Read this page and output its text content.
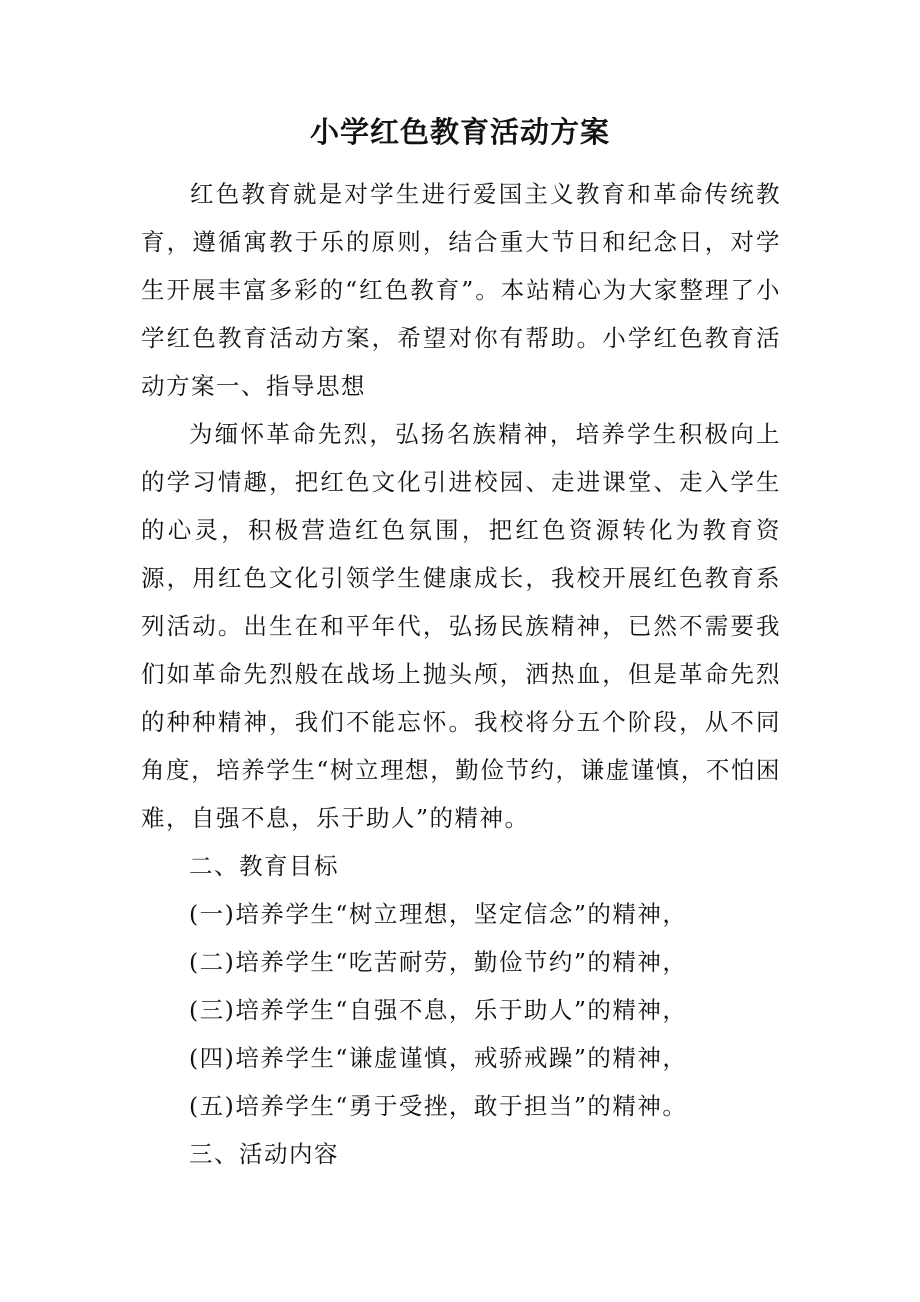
小学红色教育活动方案

红色教育就是对学生进行爱国主义教育和革命传统教育，遵循寓教于乐的原则，结合重大节日和纪念日，对学生开展丰富多彩的“红色教育”。本站精心为大家整理了小学红色教育活动方案，希望对你有帮助。小学红色教育活动方案一、指导思想

为缅怀革命先烈，弘扬名族精神，培养学生积极向上的学习情趣，把红色文化引进校园、走进课堂、走入学生的心灵，积极营造红色氛围，把红色资源转化为教育资源，用红色文化引领学生健康成长，我校开展红色教育系列活动。出生在和平年代，弘扬民族精神，已然不需要我们如革命先烈般在战场上抛头颅，洒热血，但是革命先烈的种种精神，我们不能忘怀。我校将分五个阶段，从不同角度，培养学生“树立理想，勤俭节约，谦虚谨慎，不怕困难，自强不息，乐于助人”的精神。

二、教育目标

(一)培养学生“树立理想，坚定信念”的精神，

(二)培养学生“吃苦耐劳，勤俭节约”的精神，

(三)培养学生“自强不息，乐于助人”的精神，

(四)培养学生“谦虚谨慎，戒骄戒躁”的精神，

(五)培养学生“勇于受挫，敢于担当”的精神。

三、活动内容
